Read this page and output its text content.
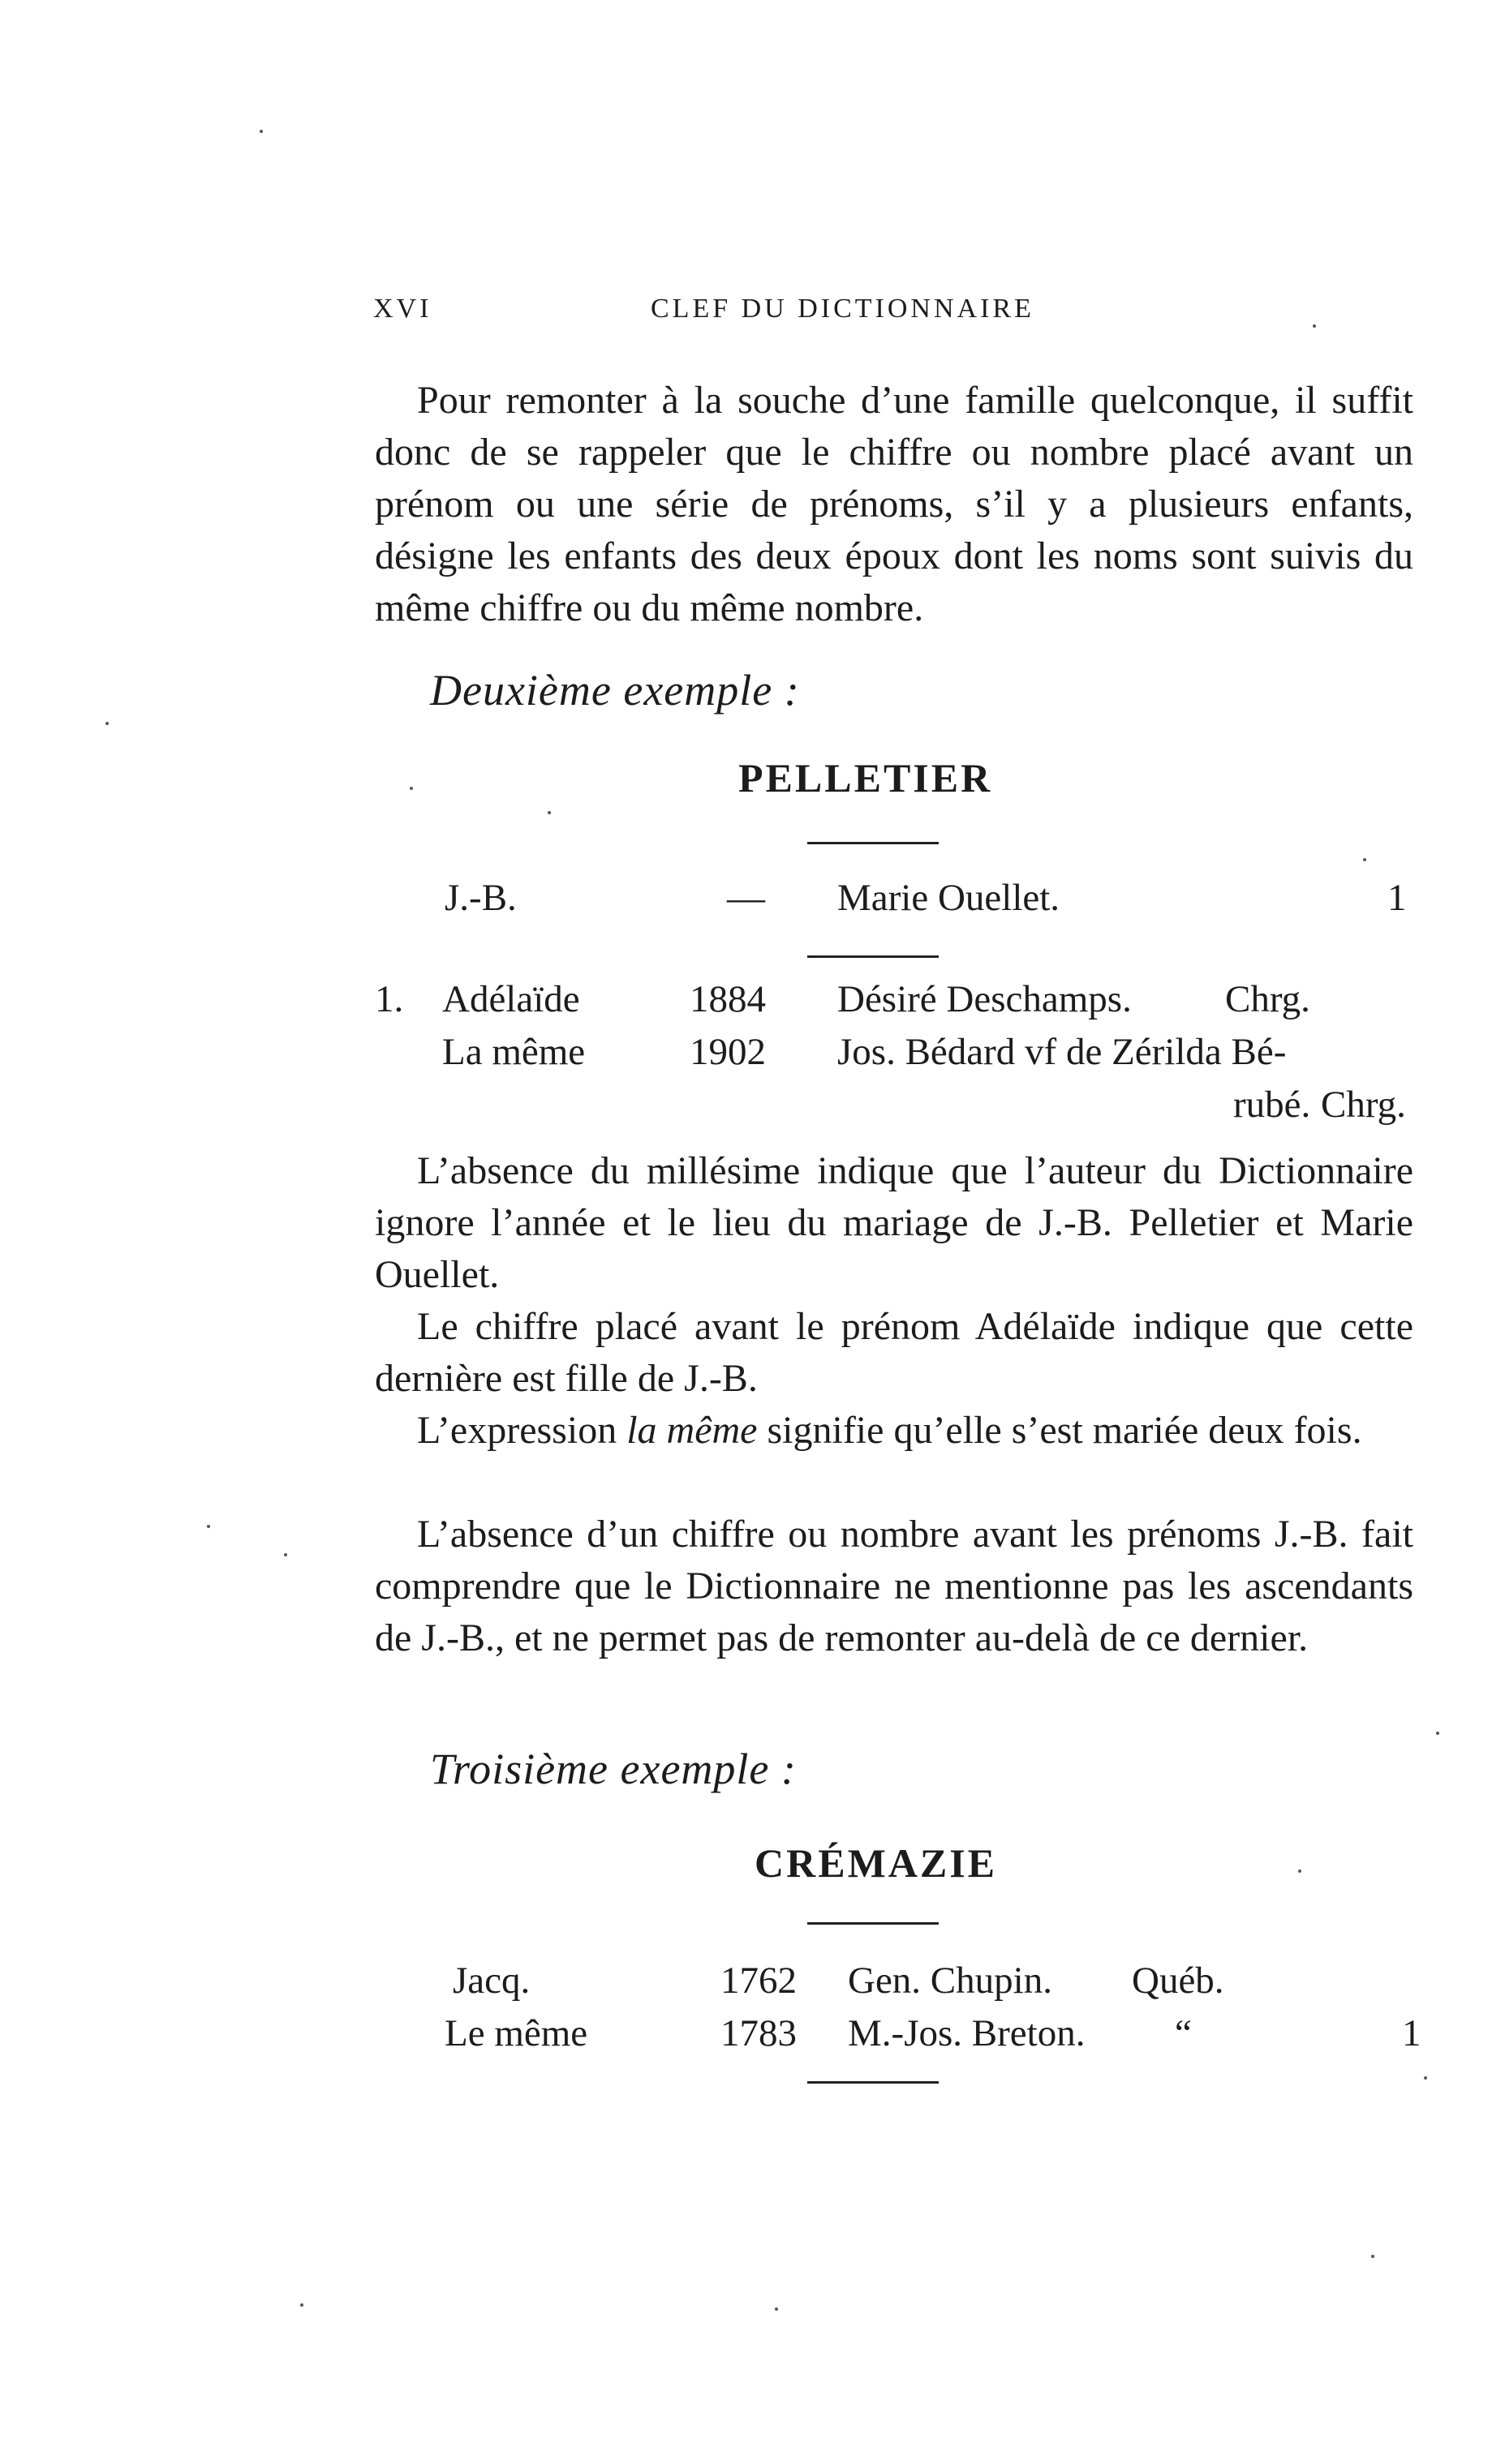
XVI	CLEF DU DICTIONNAIRE

Pour remonter à la souche d’une famille quelconque, il suffit donc de se rappeler que le chiffre ou nombre placé avant un prénom ou une série de prénoms, s’il y a plusieurs enfants, désigne les enfants des deux époux dont les noms sont suivis du même chiffre ou du même nombre.

Deuxième exemple :
PELLETIER
J.-B.	— Marie Ouellet.	1
1. Adélaïde	1884 Désiré Deschamps. Chrg.
La même	1902 Jos. Bédard vf de Zérilda Bé-
rubé. Chrg.

L’absence du millésime indique que l’auteur du Dictionnaire ignore l’année et le lieu du mariage de J.-B. Pelletier et Marie Ouellet.

Le chiffre placé avant le prénom Adélaïde indique que cette dernière est fille de J.-B.

L’expression la même signifie qu’elle s’est mariée deux fois.

L’absence d’un chiffre ou nombre avant les prénoms J.-B. fait comprendre que le Dictionnaire ne mentionne pas les ascendants de J.-B., et ne permet pas de remonter au-delà de ce dernier.

Troisième exemple :
CRÉMAZIE
Jacq.	1762 Gen. Chupin. Québ.
Le même	1783 M.-Jos. Breton. “	1
